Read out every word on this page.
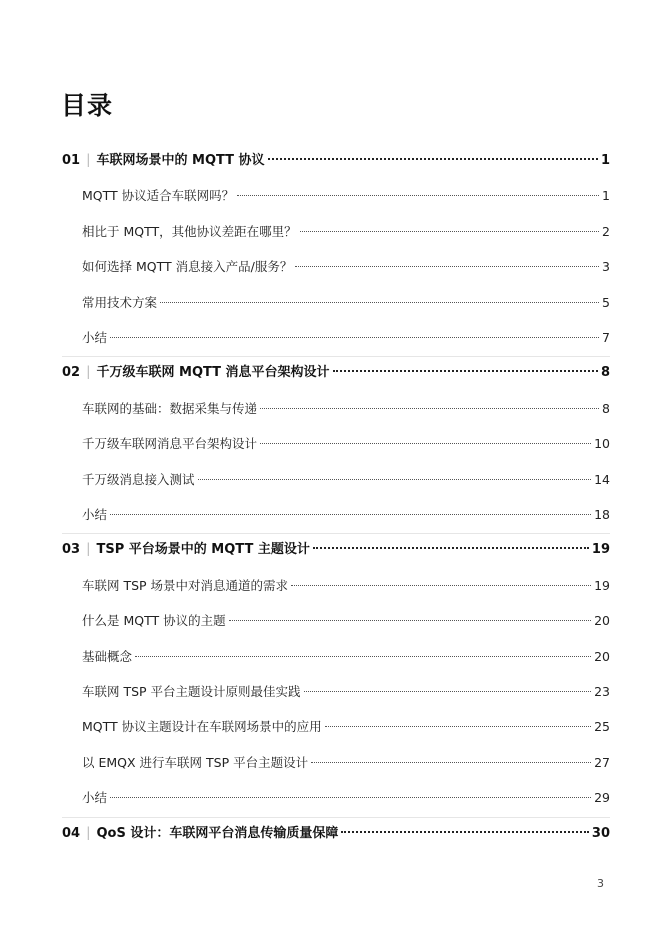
目录
01 | 车联网场景中的 MQTT 协议	1
MQTT 协议适合车联网吗？	1
相比于 MQTT，其他协议差距在哪里？	2
如何选择 MQTT 消息接入产品/服务？	3
常用技术方案	5
小结	7
02 | 千万级车联网 MQTT 消息平台架构设计	8
车联网的基础：数据采集与传递	8
千万级车联网消息平台架构设计	10
千万级消息接入测试	14
小结	18
03 | TSP 平台场景中的 MQTT 主题设计	19
车联网 TSP 场景中对消息通道的需求	19
什么是 MQTT 协议的主题	20
基础概念	20
车联网 TSP 平台主题设计原则最佳实践	23
MQTT 协议主题设计在车联网场景中的应用	25
以 EMQX 进行车联网 TSP 平台主题设计	27
小结	29
04 | QoS 设计：车联网平台消息传输质量保障	30
3
